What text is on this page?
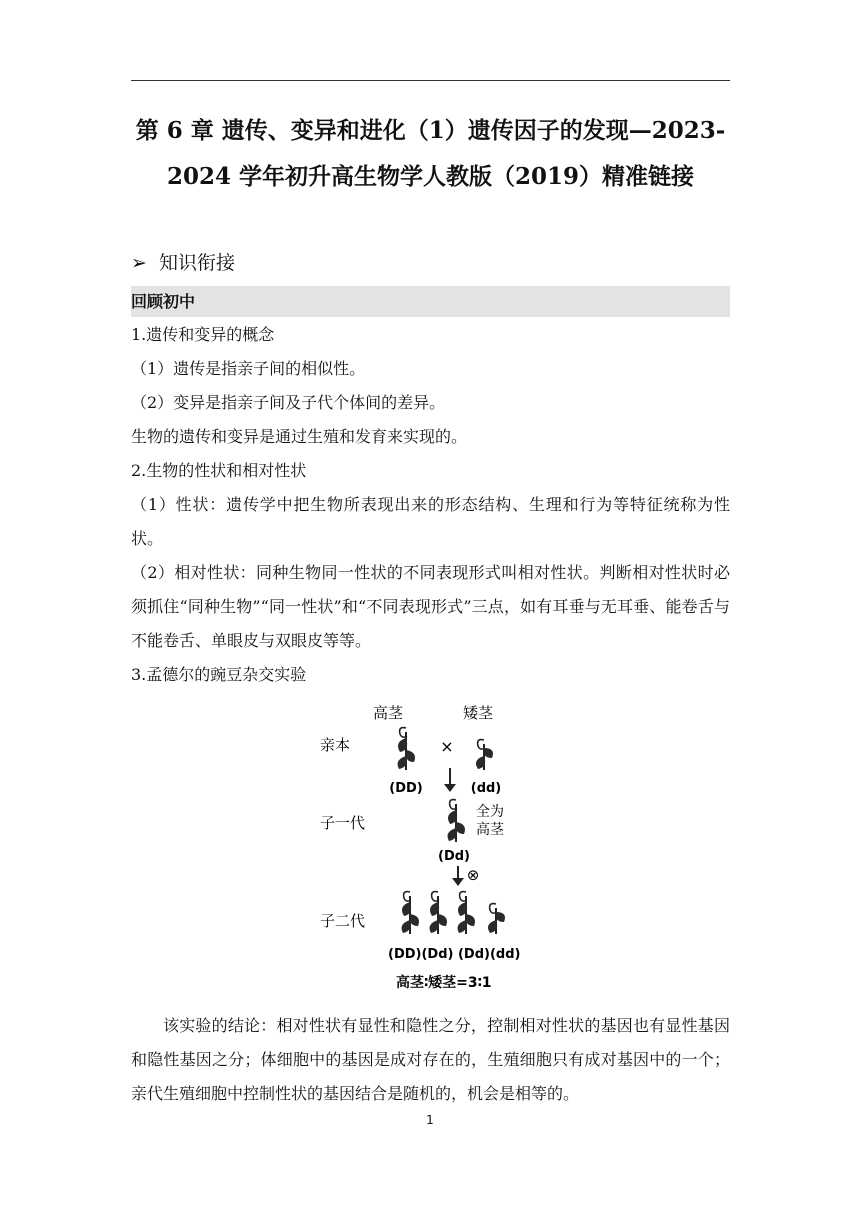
第 6 章 遗传、变异和进化（1）遗传因子的发现—2023-2024 学年初升高生物学人教版（2019）精准链接
➢ 知识衔接
回顾初中
1.遗传和变异的概念
（1）遗传是指亲子间的相似性。
（2）变异是指亲子间及子代个体间的差异。
生物的遗传和变异是通过生殖和发育来实现的。
2.生物的性状和相对性状
（1）性状：遗传学中把生物所表现出来的形态结构、生理和行为等特征统称为性状。
（2）相对性状：同种生物同一性状的不同表现形式叫相对性状。判断相对性状时必须抓住“同种生物”“同一性状”和“不同表现形式”三点，如有耳垂与无耳垂、能卷舌与不能卷舌、单眼皮与双眼皮等等。
3.孟德尔的豌豆杂交实验
高茎	矮茎
亲本	×
(DD)	(dd)
子一代
全为
高茎
(Dd)
⊗
子二代
(DD)(Dd) (Dd)(dd)
高茎∶矮茎=3∶1
该实验的结论：相对性状有显性和隐性之分，控制相对性状的基因也有显性基因和隐性基因之分；体细胞中的基因是成对存在的，生殖细胞只有成对基因中的一个；亲代生殖细胞中控制性状的基因结合是随机的，机会是相等的。
1
